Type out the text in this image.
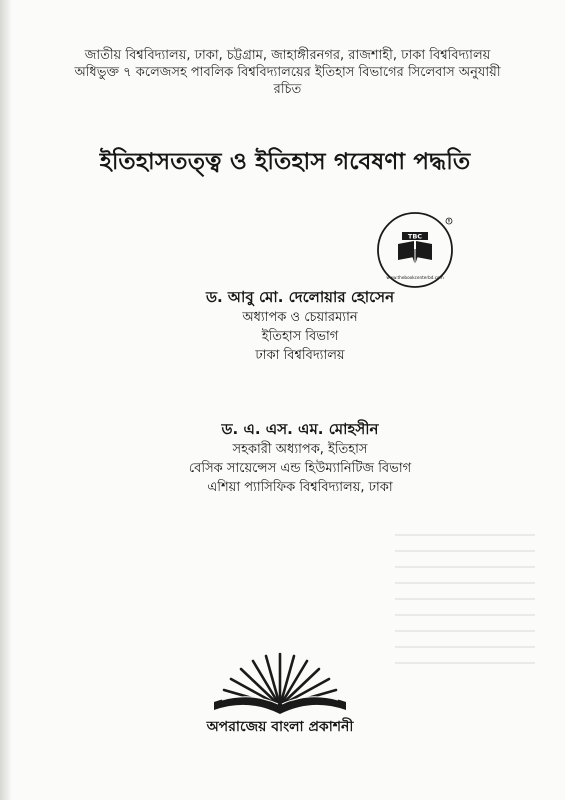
জাতীয় বিশ্ববিদ্যালয়, ঢাকা, চট্টগ্রাম, জাহাঙ্গীরনগর, রাজশাহী, ঢাকা বিশ্ববিদ্যালয়
অধিভুক্ত ৭ কলেজসহ পাবলিক বিশ্ববিদ্যালয়ের ইতিহাস বিভাগের সিলেবাস অনুযায়ী
রচিত
ইতিহাসতত্ত্ব ও ইতিহাস গবেষণা পদ্ধতি
R
TBC
www.thebookcenterbd.com
ড. আবু মো. দেলোয়ার হোসেন
অধ্যাপক ও চেয়ারম্যান
ইতিহাস বিভাগ
ঢাকা বিশ্ববিদ্যালয়
ড. এ. এস. এম. মোহসীন
সহকারী অধ্যাপক, ইতিহাস
বেসিক সায়েন্সেস এন্ড হিউম্যানিটিজ বিভাগ
এশিয়া প্যাসিফিক বিশ্ববিদ্যালয়, ঢাকা
অপরাজেয় বাংলা প্রকাশনী
